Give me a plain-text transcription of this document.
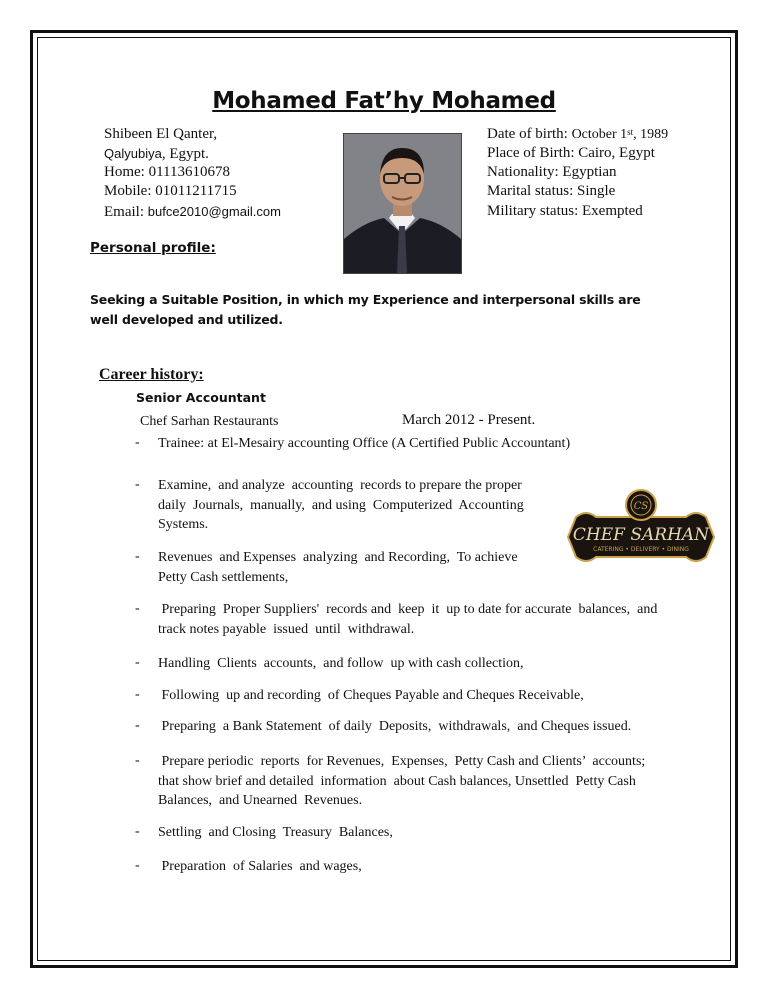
Mohamed Fat’hy Mohamed
Shibeen El Qanter,
Qalyubiya, Egypt.
Home: 01113610678
Mobile: 01011211715
Email: bufce2010@gmail.com
Date of birth: October 1st, 1989
Place of Birth: Cairo, Egypt
Nationality: Egyptian
Marital status: Single
Military status: Exempted
Personal profile:
Seeking a Suitable Position, in which my Experience and interpersonal skills are well developed and utilized.
Career history:
Senior Accountant
Chef Sarhan Restaurants	March 2012 - Present.
- Trainee: at El-Mesairy accounting Office (A Certified Public Accountant)
- Examine,  and analyze  accounting  records to prepare the proper
daily  Journals,  manually,  and using  Computerized  Accounting
Systems.
- Revenues  and Expenses  analyzing  and Recording,  To achieve
Petty Cash settlements,
- Preparing  Proper Suppliers'  records and  keep  it  up to date for accurate  balances,  and
track notes payable  issued  until  withdrawal.
- Handling  Clients  accounts,  and follow  up with cash collection,
- Following  up and recording  of Cheques Payable and Cheques Receivable,
- Preparing  a Bank Statement  of daily  Deposits,  withdrawals,  and Cheques issued.
- Prepare periodic  reports  for Revenues,  Expenses,  Petty Cash and Clients’  accounts;
that show brief and detailed  information  about Cash balances, Unsettled  Petty Cash
Balances,  and Unearned  Revenues.
- Settling  and Closing  Treasury  Balances,
- Preparation  of Salaries  and wages,
CS
CHEF SARHAN
CATERING • DELIVERY • DINING
